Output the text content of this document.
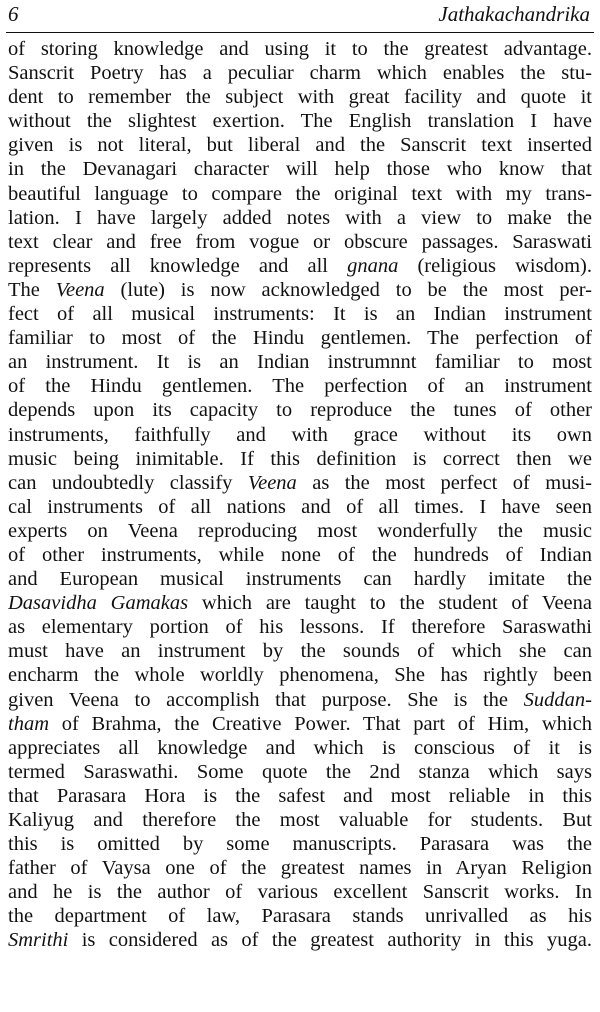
6	Jathakachandrika
of storing knowledge and using it to the greatest advantage.
Sanscrit Poetry has a peculiar charm which enables the stu-
dent to remember the subject with great facility and quote it
without the slightest exertion. The English translation I have
given is not literal, but liberal and the Sanscrit text inserted
in the Devanagari character will help those who know that
beautiful language to compare the original text with my trans-
lation. I have largely added notes with a view to make the
text clear and free from vogue or obscure passages. Saraswati
represents all knowledge and all gnana (religious wisdom).
The Veena (lute) is now acknowledged to be the most per-
fect of all musical instruments: It is an Indian instrument
familiar to most of the Hindu gentlemen. The perfection of
an instrument. It is an Indian instrumnnt familiar to most
of the Hindu gentlemen. The perfection of an instrument
depends upon its capacity to reproduce the tunes of other
instruments, faithfully and with grace without its own
music being inimitable. If this definition is correct then we
can undoubtedly classify Veena as the most perfect of musi-
cal instruments of all nations and of all times. I have seen
experts on Veena reproducing most wonderfully the music
of other instruments, while none of the hundreds of Indian
and European musical instruments can hardly imitate the
Dasavidha Gamakas which are taught to the student of Veena
as elementary portion of his lessons. If therefore Saraswathi
must have an instrument by the sounds of which she can
encharm the whole worldly phenomena, She has rightly been
given Veena to accomplish that purpose. She is the Suddan-
tham of Brahma, the Creative Power. That part of Him, which
appreciates all knowledge and which is conscious of it is
termed Saraswathi. Some quote the 2nd stanza which says
that Parasara Hora is the safest and most reliable in this
Kaliyug and therefore the most valuable for students. But
this is omitted by some manuscripts. Parasara was the
father of Vaysa one of the greatest names in Aryan Religion
and he is the author of various excellent Sanscrit works. In
the department of law, Parasara stands unrivalled as his
Smrithi is considered as of the greatest authority in this yuga.
